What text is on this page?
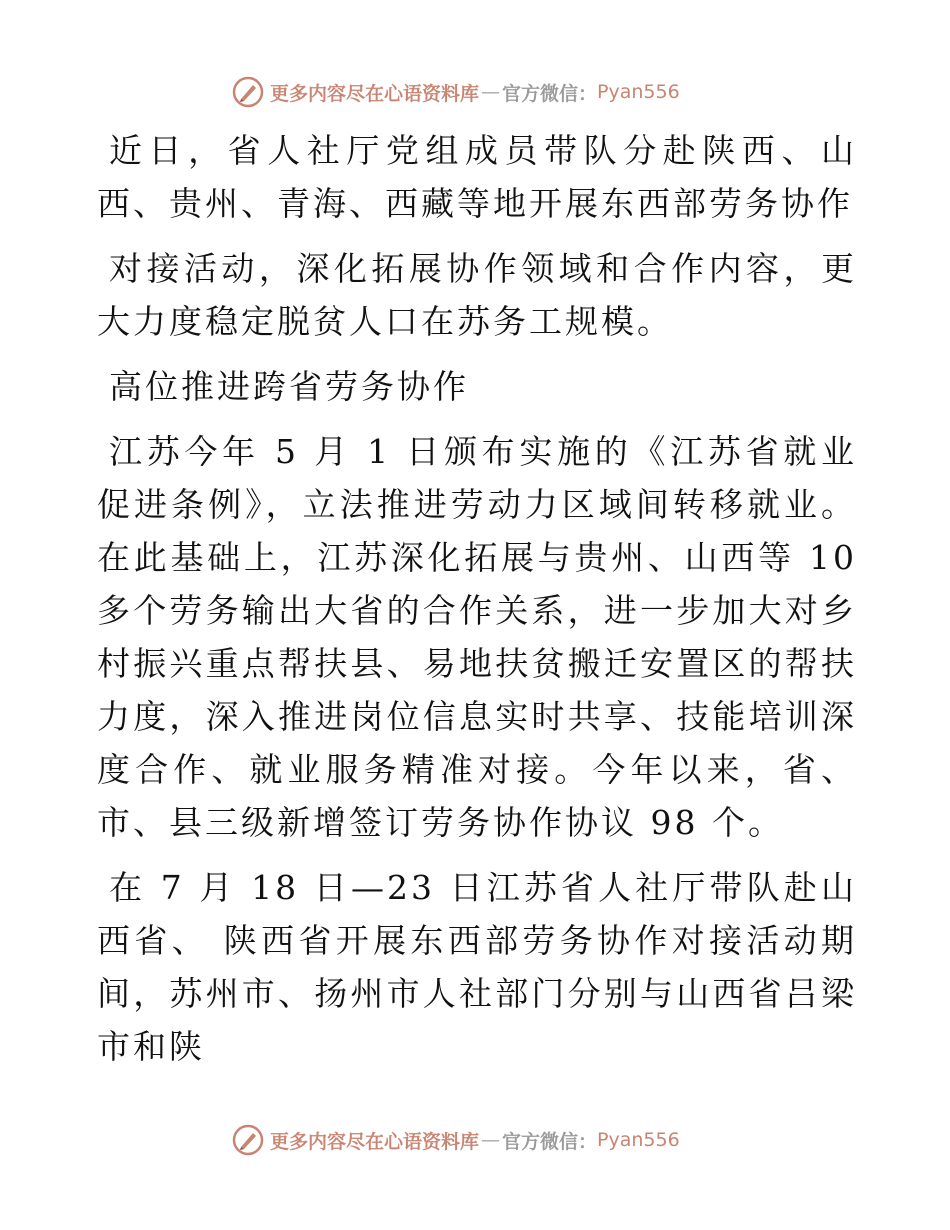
更多内容尽在心语资料库 — 官方微信： Pyan556

近日，省人社厅党组成员带队分赴陕西、山西、贵州、青海、西藏等地开展东西部劳务协作

对接活动，深化拓展协作领域和合作内容，更大力度稳定脱贫人口在苏务工规模。

高位推进跨省劳务协作

江苏今年 5 月 1 日颁布实施的《江苏省就业促进条例》，立法推进劳动力区域间转移就业。在此基础上，江苏深化拓展与贵州、山西等 10 多个劳务输出大省的合作关系，进一步加大对乡村振兴重点帮扶县、易地扶贫搬迁安置区的帮扶力度，深入推进岗位信息实时共享、技能培训深度合作、就业服务精准对接。今年以来，省、市、县三级新增签订劳务协作协议 98 个。

在 7 月 18 日—23 日江苏省人社厅带队赴山西省、 陕西省开展东西部劳务协作对接活动期间，苏州市、扬州市人社部门分别与山西省吕梁市和陕

更多内容尽在心语资料库 — 官方微信： Pyan556
